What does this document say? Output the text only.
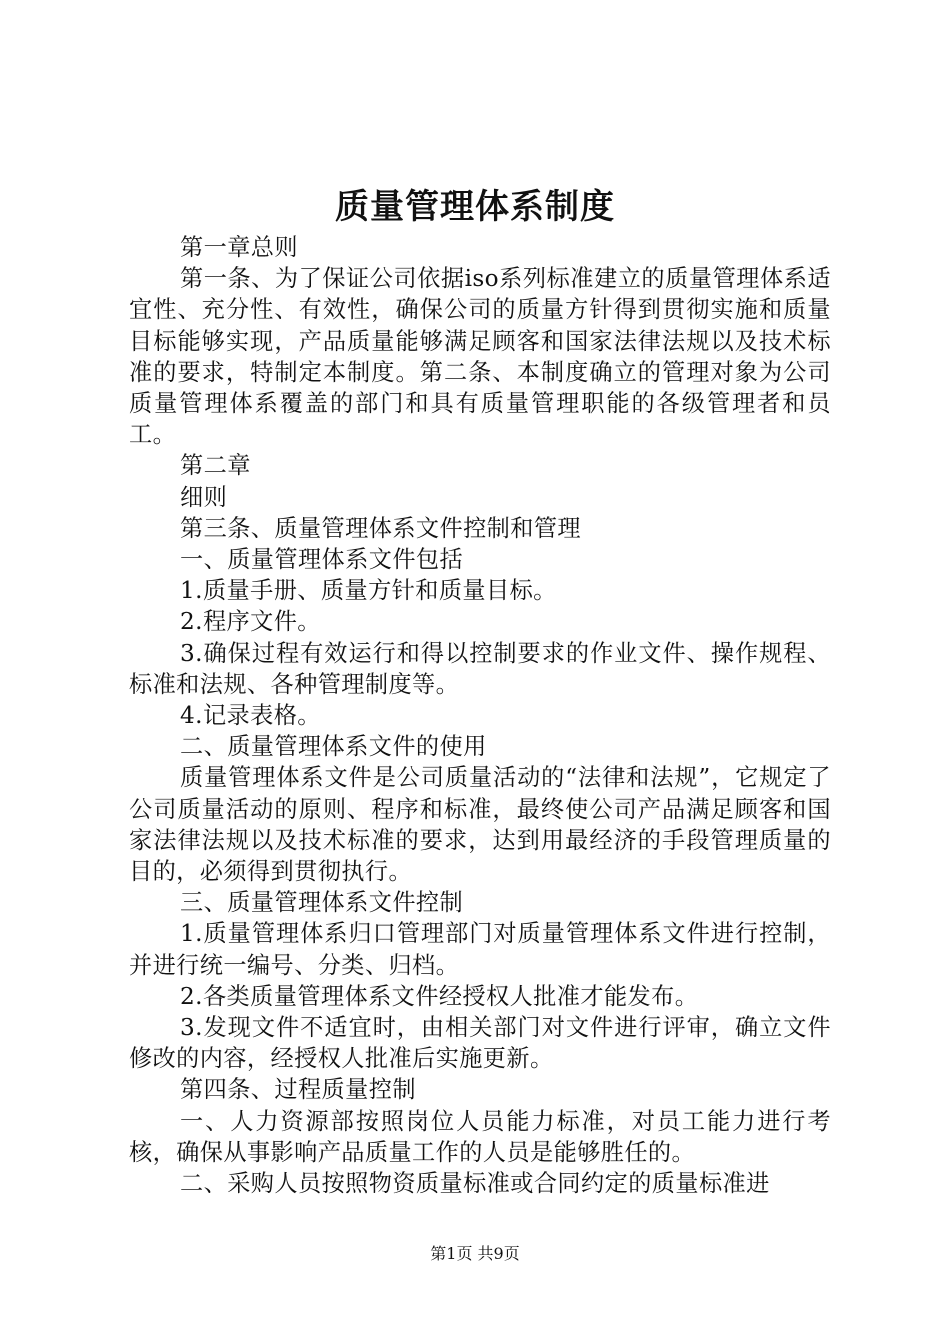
质量管理体系制度

第一章总则

第一条、为了保证公司依据iso系列标准建立的质量管理体系适宜性、充分性、有效性，确保公司的质量方针得到贯彻实施和质量目标能够实现，产品质量能够满足顾客和国家法律法规以及技术标准的要求，特制定本制度。第二条、本制度确立的管理对象为公司质量管理体系覆盖的部门和具有质量管理职能的各级管理者和员工。

第二章

细则

第三条、质量管理体系文件控制和管理

一、质量管理体系文件包括

1.质量手册、质量方针和质量目标。

2.程序文件。

3.确保过程有效运行和得以控制要求的作业文件、操作规程、标准和法规、各种管理制度等。

4.记录表格。

二、质量管理体系文件的使用

质量管理体系文件是公司质量活动的“法律和法规”，它规定了公司质量活动的原则、程序和标准，最终使公司产品满足顾客和国家法律法规以及技术标准的要求，达到用最经济的手段管理质量的目的，必须得到贯彻执行。

三、质量管理体系文件控制

1.质量管理体系归口管理部门对质量管理体系文件进行控制，并进行统一编号、分类、归档。

2.各类质量管理体系文件经授权人批准才能发布。

3.发现文件不适宜时，由相关部门对文件进行评审，确立文件修改的内容，经授权人批准后实施更新。

第四条、过程质量控制

一、人力资源部按照岗位人员能力标准，对员工能力进行考核，确保从事影响产品质量工作的人员是能够胜任的。

二、采购人员按照物资质量标准或合同约定的质量标准进

第1页 共9页
